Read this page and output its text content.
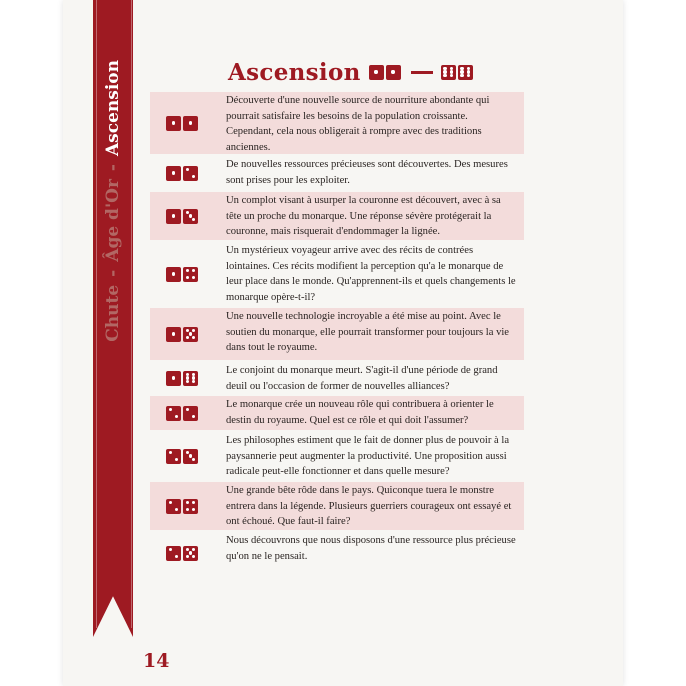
Chute-Âge d'Or-Ascension	Ascension
Découverte d'une nouvelle source de nourriture abondante qui pourrait satisfaire les besoins de la population croissante. Cependant, cela nous obligerait à rompre avec des traditions anciennes.
De nouvelles ressources précieuses sont découvertes. Des mesures sont prises pour les exploiter.
Un complot visant à usurper la couronne est découvert, avec à sa tête un proche du monarque. Une réponse sévère protégerait la couronne, mais risquerait d'endommager la lignée.
Un mystérieux voyageur arrive avec des récits de contrées lointaines. Ces récits modifient la perception qu'a le monarque de leur place dans le monde. Qu'apprennent-ils et quels changements le monarque opère-t-il?
Une nouvelle technologie incroyable a été mise au point. Avec le soutien du monarque, elle pourrait transformer pour toujours la vie dans tout le royaume.
Le conjoint du monarque meurt. S'agit-il d'une période de grand deuil ou l'occasion de former de nouvelles alliances?
Le monarque crée un nouveau rôle qui contribuera à orienter le destin du royaume. Quel est ce rôle et qui doit l'assumer?
Les philosophes estiment que le fait de donner plus de pouvoir à la paysannerie peut augmenter la productivité. Une proposition aussi radicale peut-elle fonctionner et dans quelle mesure?
Une grande bête rôde dans le pays. Quiconque tuera le monstre entrera dans la légende. Plusieurs guerriers courageux ont essayé et ont échoué. Que faut-il faire?
Nous découvrons que nous disposons d'une ressource plus précieuse qu'on ne le pensait.
14
